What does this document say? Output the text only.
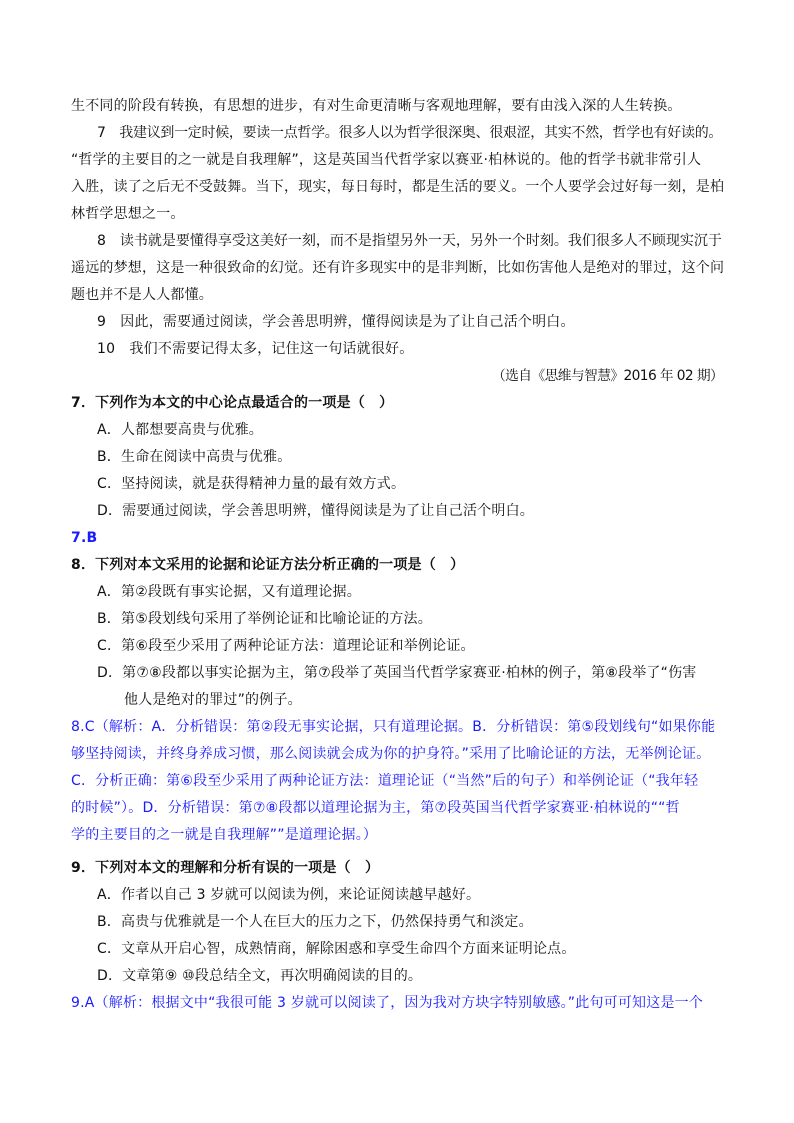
生不同的阶段有转换，有思想的进步，有对生命更清晰与客观地理解，要有由浅入深的人生转换。
7　我建议到一定时候，要读一点哲学。很多人以为哲学很深奥、很艰涩，其实不然，哲学也有好读的。
“哲学的主要目的之一就是自我理解”，这是英国当代哲学家以赛亚·柏林说的。他的哲学书就非常引人
入胜，读了之后无不受鼓舞。当下，现实，每日每时，都是生活的要义。一个人要学会过好每一刻，是柏
林哲学思想之一。
8　读书就是要懂得享受这美好一刻，而不是指望另外一天，另外一个时刻。我们很多人不顾现实沉于
遥远的梦想，这是一种很致命的幻觉。还有许多现实中的是非判断，比如伤害他人是绝对的罪过，这个问
题也并不是人人都懂。
9　因此，需要通过阅读，学会善思明辨，懂得阅读是为了让自己活个明白。
10　我们不需要记得太多，记住这一句话就很好。
（选自《思维与智慧》2016 年 02 期）
7．下列作为本文的中心论点最适合的一项是（　）
A．人都想要高贵与优雅。
B．生命在阅读中高贵与优雅。
C．坚持阅读，就是获得精神力量的最有效方式。
D．需要通过阅读，学会善思明辨，懂得阅读是为了让自己活个明白。
7.B
8．下列对本文采用的论据和论证方法分析正确的一项是（　）
A．第②段既有事实论据，又有道理论据。
B．第⑤段划线句采用了举例论证和比喻论证的方法。
C．第⑥段至少采用了两种论证方法：道理论证和举例论证。
D．第⑦⑧段都以事实论据为主，第⑦段举了英国当代哲学家赛亚·柏林的例子，第⑧段举了“伤害
他人是绝对的罪过”的例子。
8.C（解析：A．分析错误：第②段无事实论据，只有道理论据。B．分析错误：第⑤段划线句“如果你能
够坚持阅读，并终身养成习惯，那么阅读就会成为你的护身符。”采用了比喻论证的方法，无举例论证。
C．分析正确：第⑥段至少采用了两种论证方法：道理论证（“当然”后的句子）和举例论证（“我年轻
的时候”）。D．分析错误：第⑦⑧段都以道理论据为主，第⑦段英国当代哲学家赛亚·柏林说的““哲
学的主要目的之一就是自我理解””是道理论据。）
9．下列对本文的理解和分析有误的一项是（　）
A．作者以自己 3 岁就可以阅读为例，来论证阅读越早越好。
B．高贵与优雅就是一个人在巨大的压力之下，仍然保持勇气和淡定。
C．文章从开启心智，成熟情商，解除困惑和享受生命四个方面来证明论点。
D．文章第⑨ ⑩段总结全文，再次明确阅读的目的。
9.A（解析：根据文中“我很可能 3 岁就可以阅读了，因为我对方块字特别敏感。”此句可可知这是一个
